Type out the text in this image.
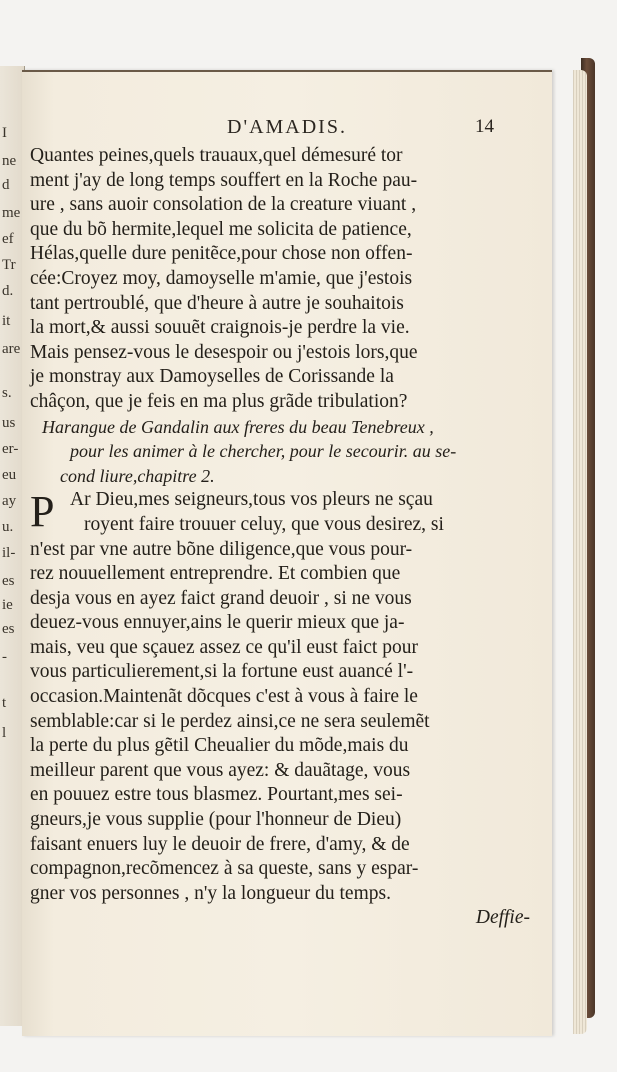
I
ne
d
me
ef
Tr
d.
it
are
s.
us
er-
eu
ay
u.
il-
es
ie
es
-
t
l
D'AMADIS.	14
Quantes peines,quels trauaux,quel démesuré tor
ment j'ay de long temps souffert en la Roche pau-
ure , sans auoir consolation de la creature viuant ,
que du bõ hermite,lequel me solicita de patience,
Hélas,quelle dure penitẽce,pour chose non offen-
cée:Croyez moy, damoyselle m'amie, que j'estois
tant pertroublé, que d'heure à autre je souhaitois
la mort,& aussi souuẽt craignois-je perdre la vie.
Mais pensez-vous le desespoir ou j'estois lors,que
je monstray aux Damoyselles de Corissande la
châçon, que je feis en ma plus grãde tribulation?
Harangue de Gandalin aux freres du beau Tenebreux ,
pour les animer à le chercher, pour le secourir. au se-
cond liure,chapitre 2.
P Ar Dieu,mes seigneurs,tous vos pleurs ne sçau
royent faire trouuer celuy, que vous desirez, si
n'est par vne autre bõne diligence,que vous pour-
rez nouuellement entreprendre. Et combien que
desja vous en ayez faict grand deuoir , si ne vous
deuez-vous ennuyer,ains le querir mieux que ja-
mais, veu que sçauez assez ce qu'il eust faict pour
vous particulierement,si la fortune eust auancé l'-
occasion.Maintenãt dõcques c'est à vous à faire le
semblable:car si le perdez ainsi,ce ne sera seulemẽt
la perte du plus gẽtil Cheualier du mõde,mais du
meilleur parent que vous ayez: & dauãtage, vous
en pouuez estre tous blasmez. Pourtant,mes sei-
gneurs,je vous supplie (pour l'honneur de Dieu)
faisant enuers luy le deuoir de frere, d'amy, & de
compagnon,recõmencez à sa queste, sans y espar-
gner vos personnes , n'y la longueur du temps.
Deffie-
